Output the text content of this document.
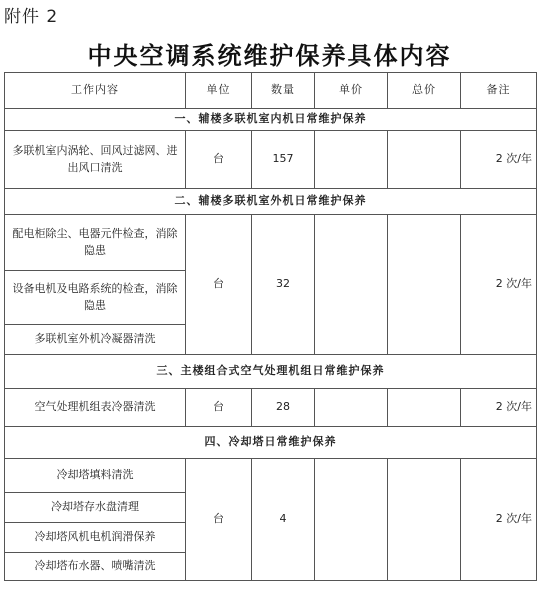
附件 2
中央空调系统维护保养具体内容
工作内容	单位	数量	单价	总价	备注
一、辅楼多联机室内机日常维护保养					
多联机室内涡轮、回风过滤网、进出风口清洗	台	157			2 次/年
二、辅楼多联机室外机日常维护保养					
配电柜除尘、电器元件检查，消除隐患	台	32			2 次/年
设备电机及电路系统的检查，消除隐患					
多联机室外机冷凝器清洗					
三、主楼组合式空气处理机组日常维护保养					
空气处理机组表冷器清洗	台	28			2 次/年
四、冷却塔日常维护保养					
冷却塔填料清洗	台	4			2 次/年
冷却塔存水盘清理					
冷却塔风机电机润滑保养					
冷却塔布水器、喷嘴清洗					
